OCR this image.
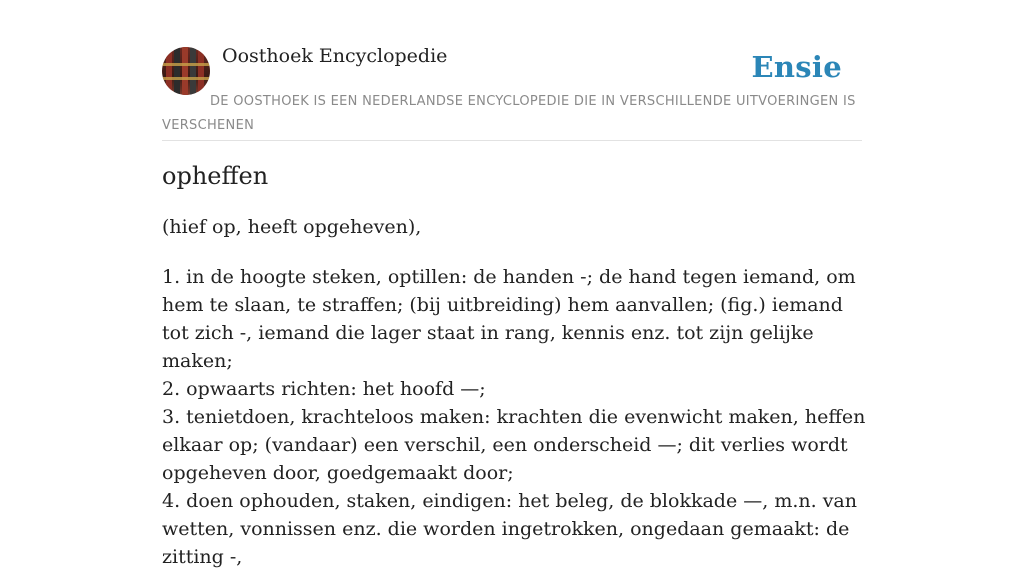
Oosthoek Encyclopedie	Ensie
DE OOSTHOEK IS EEN NEDERLANDSE ENCYCLOPEDIE DIE IN VERSCHILLENDE UITVOERINGEN IS VERSCHENEN
opheffen
(hief op, heeft opgeheven),
1. in de hoogte steken, optillen: de handen -; de hand tegen iemand, om hem te slaan, te straffen; (bij uitbreiding) hem aanvallen; (fig.) iemand tot zich -, iemand die lager staat in rang, kennis enz. tot zijn gelijke maken;
2. opwaarts richten: het hoofd —;
3. tenietdoen, krachteloos maken: krachten die evenwicht maken, heffen elkaar op; (vandaar) een verschil, een onderscheid —; dit verlies wordt opgeheven door, goedgemaakt door;
4. doen ophouden, staken, eindigen: het beleg, de blokkade —, m.n. van wetten, vonnissen enz. die worden ingetrokken, ongedaan gemaakt: de zitting -,
